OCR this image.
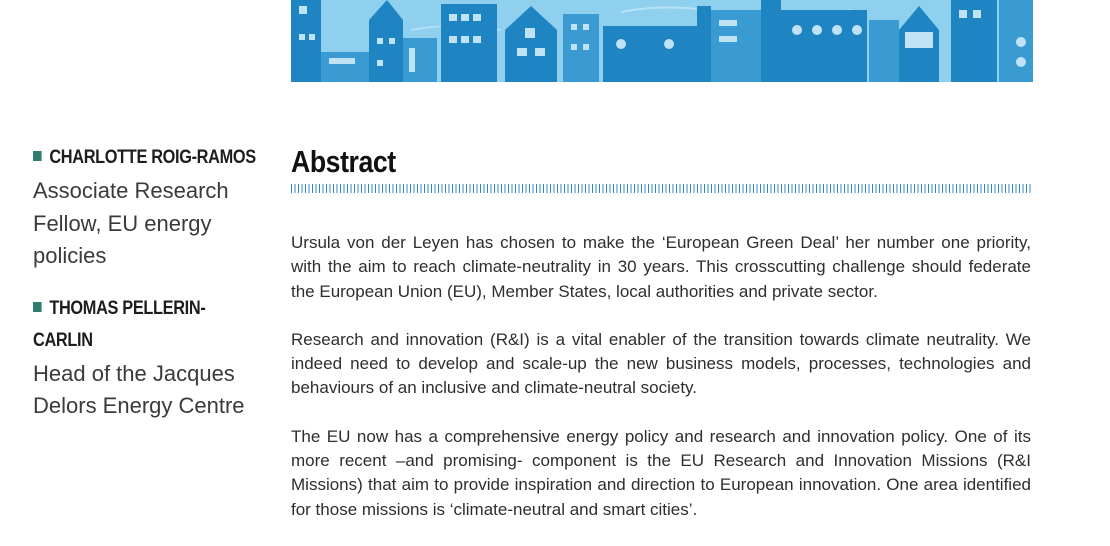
CHARLOTTE ROIG-RAMOS
Associate Research Fellow, EU energy policies
THOMAS PELLERIN-CARLIN
Head of the Jacques Delors Energy Centre
Abstract

Ursula von der Leyen has chosen to make the ‘European Green Deal’ her number one priority, with the aim to reach climate-neutrality in 30 years. This crosscutting challenge should federate the European Union (EU), Member States, local authorities and private sector.

Research and innovation (R&I) is a vital enabler of the transition towards climate neutrality. We indeed need to develop and scale-up the new business models, processes, technologies and behaviours of an inclusive and climate-neutral society.

The EU now has a comprehensive energy policy and research and innovation policy. One of its more recent –and promising- component is the EU Research and Innovation Missions (R&I Missions) that aim to provide inspiration and direction to European innovation. One area identified for those missions is ‘climate-neutral and smart cities’.
